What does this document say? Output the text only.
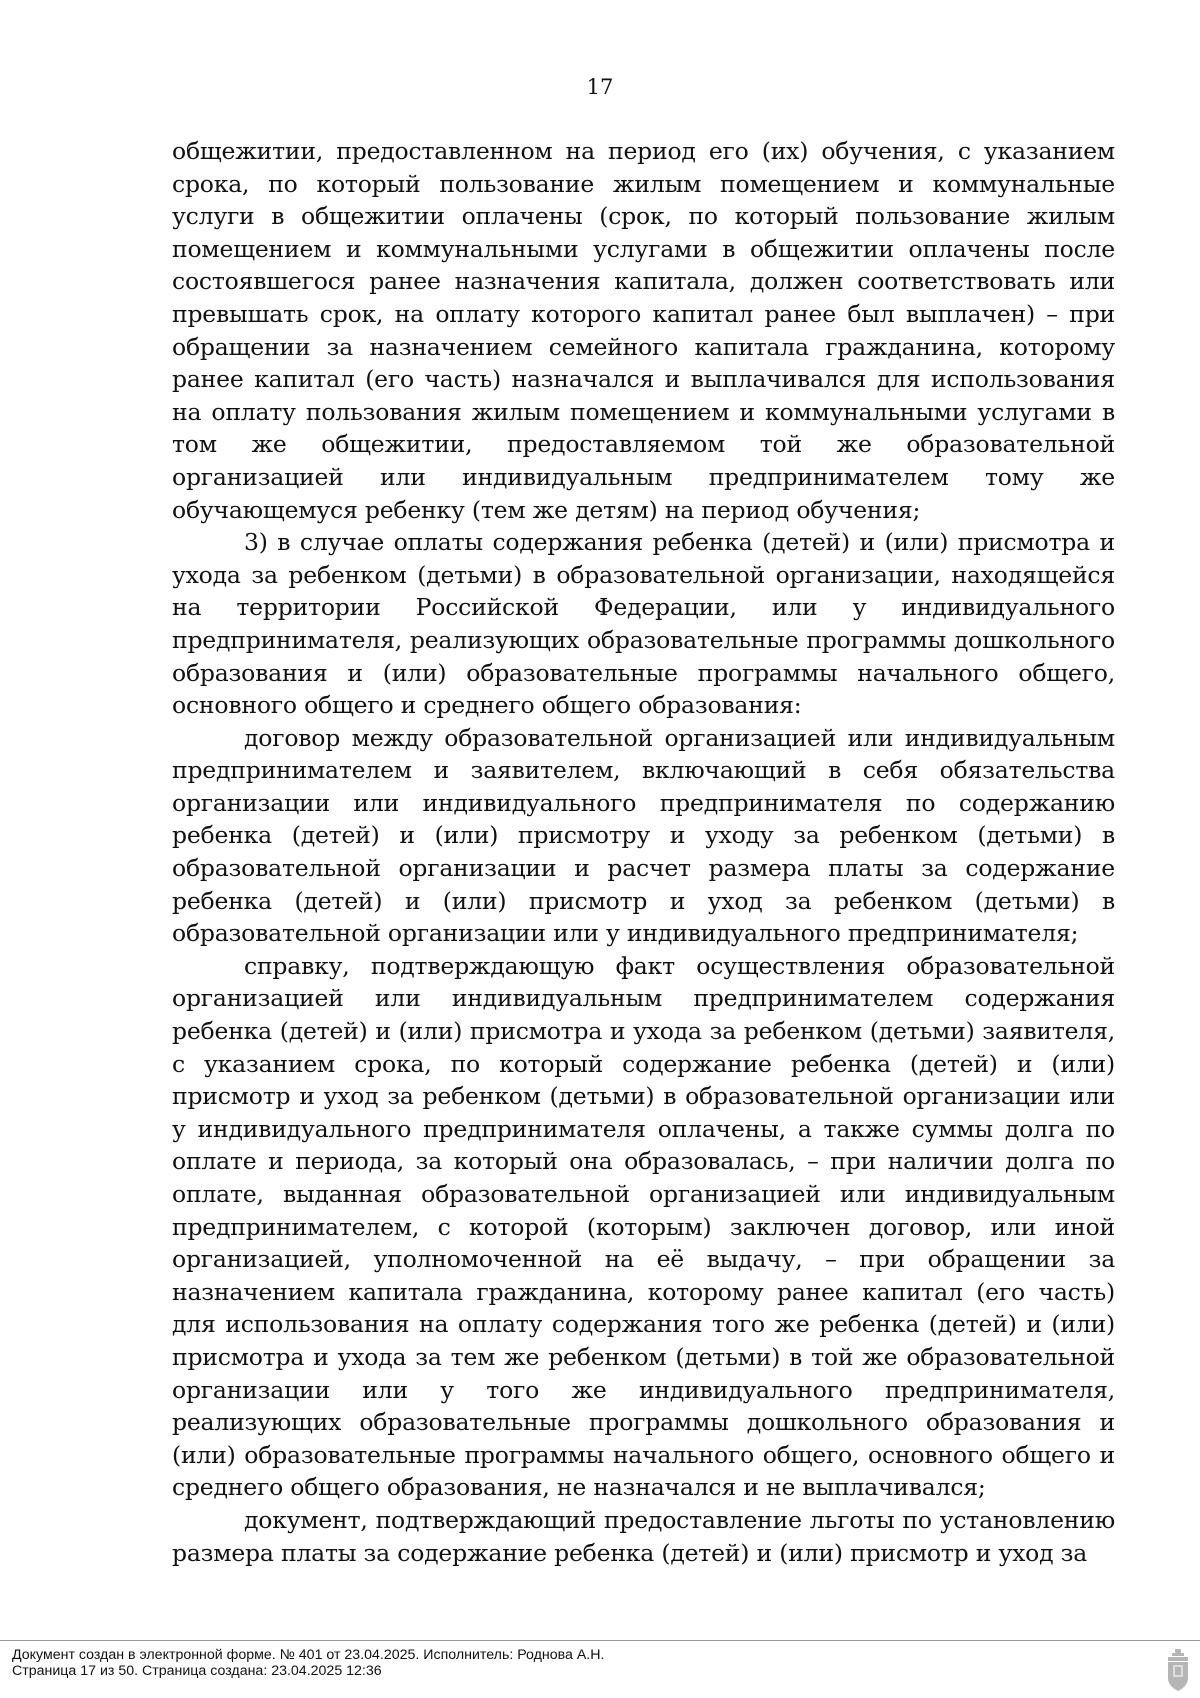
17

общежитии, предоставленном на период его (их) обучения, с указанием срока, по который пользование жилым помещением и коммунальные услуги в общежитии оплачены (срок, по который пользование жилым помещением и коммунальными услугами в общежитии оплачены после состоявшегося ранее назначения капитала, должен соответствовать или превышать срок, на оплату которого капитал ранее был выплачен) – при обращении за назначением семейного капитала гражданина, которому ранее капитал (его часть) назначался и выплачивался для использования на оплату пользования жилым помещением и коммунальными услугами в том же общежитии, предоставляемом той же образовательной организацией или индивидуальным предпринимателем тому же обучающемуся ребенку (тем же детям) на период обучения;

3) в случае оплаты содержания ребенка (детей) и (или) присмотра и ухода за ребенком (детьми) в образовательной организации, находящейся на территории Российской Федерации, или у индивидуального предпринимателя, реализующих образовательные программы дошкольного образования и (или) образовательные программы начального общего, основного общего и среднего общего образования:

договор между образовательной организацией или индивидуальным предпринимателем и заявителем, включающий в себя обязательства организации или индивидуального предпринимателя по содержанию ребенка (детей) и (или) присмотру и уходу за ребенком (детьми) в образовательной организации и расчет размера платы за содержание ребенка (детей) и (или) присмотр и уход за ребенком (детьми) в образовательной организации или у индивидуального предпринимателя;

справку, подтверждающую факт осуществления образовательной организацией или индивидуальным предпринимателем содержания ребенка (детей) и (или) присмотра и ухода за ребенком (детьми) заявителя, с указанием срока, по который содержание ребенка (детей) и (или) присмотр и уход за ребенком (детьми) в образовательной организации или у индивидуального предпринимателя оплачены, а также суммы долга по оплате и периода, за который она образовалась, – при наличии долга по оплате, выданная образовательной организацией или индивидуальным предпринимателем, с которой (которым) заключен договор, или иной организацией, уполномоченной на её выдачу, – при обращении за назначением капитала гражданина, которому ранее капитал (его часть) для использования на оплату содержания того же ребенка (детей) и (или) присмотра и ухода за тем же ребенком (детьми) в той же образовательной организации или у того же индивидуального предпринимателя, реализующих образовательные программы дошкольного образования и (или) образовательные программы начального общего, основного общего и среднего общего образования, не назначался и не выплачивался;

документ, подтверждающий предоставление льготы по установлению размера платы за содержание ребенка (детей) и (или) присмотр и уход за

Документ создан в электронной форме. № 401 от 23.04.2025. Исполнитель: Роднова А.Н.
Страница 17 из 50. Страница создана: 23.04.2025 12:36
